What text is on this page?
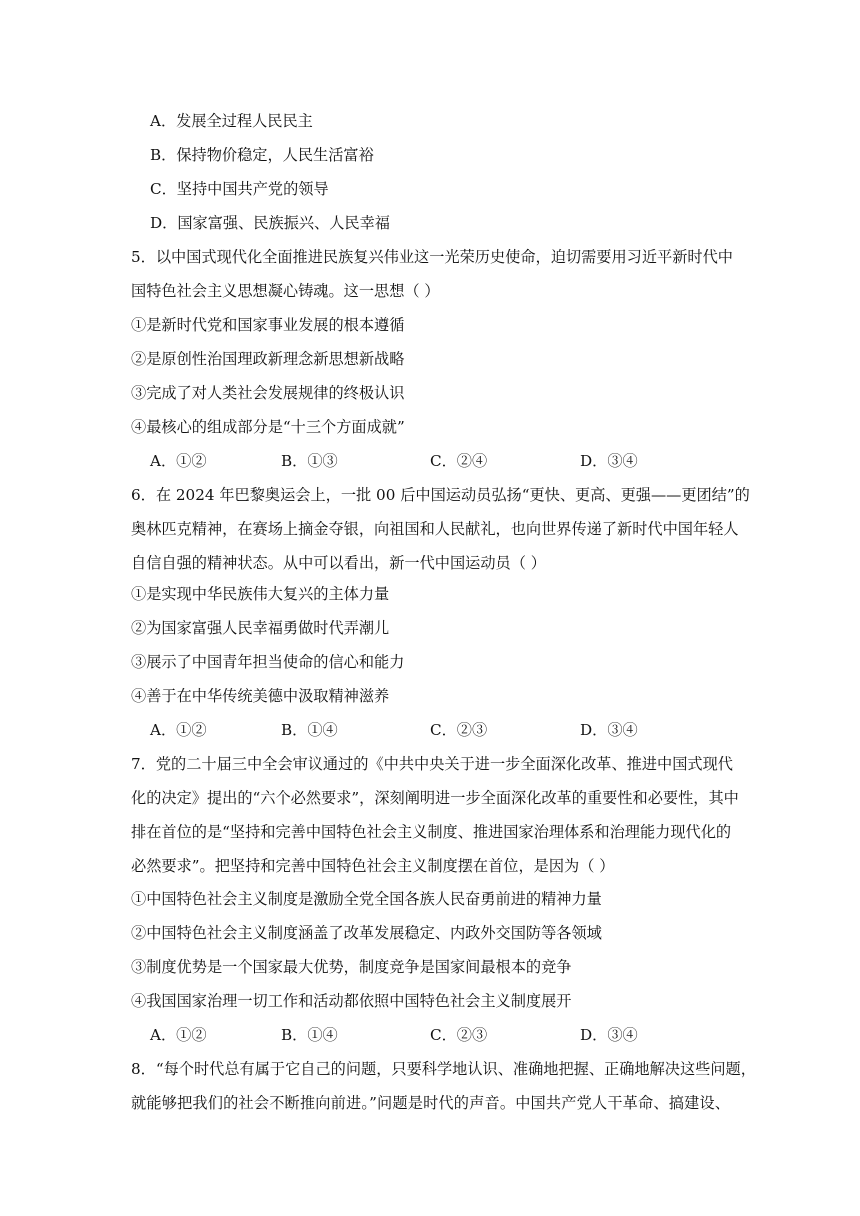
A．发展全过程人民民主
B．保持物价稳定，人民生活富裕
C．坚持中国共产党的领导
D．国家富强、民族振兴、人民幸福
5．以中国式现代化全面推进民族复兴伟业这一光荣历史使命，迫切需要用习近平新时代中
国特色社会主义思想凝心铸魂。这一思想（ ）
①是新时代党和国家事业发展的根本遵循
②是原创性治国理政新理念新思想新战略
③完成了对人类社会发展规律的终极认识
④最核心的组成部分是“十三个方面成就”
A．①②	B．①③	C．②④	D．③④
6．在 2024 年巴黎奥运会上，一批 00 后中国运动员弘扬“更快、更高、更强——更团结”的
奥林匹克精神，在赛场上摘金夺银，向祖国和人民献礼，也向世界传递了新时代中国年轻人
自信自强的精神状态。从中可以看出，新一代中国运动员（ ）
①是实现中华民族伟大复兴的主体力量
②为国家富强人民幸福勇做时代弄潮儿
③展示了中国青年担当使命的信心和能力
④善于在中华传统美德中汲取精神滋养
A．①②	B．①④	C．②③	D．③④
7．党的二十届三中全会审议通过的《中共中央关于进一步全面深化改革、推进中国式现代
化的决定》提出的“六个必然要求”，深刻阐明进一步全面深化改革的重要性和必要性，其中
排在首位的是“坚持和完善中国特色社会主义制度、推进国家治理体系和治理能力现代化的
必然要求”。把坚持和完善中国特色社会主义制度摆在首位，是因为（ ）
①中国特色社会主义制度是激励全党全国各族人民奋勇前进的精神力量
②中国特色社会主义制度涵盖了改革发展稳定、内政外交国防等各领域
③制度优势是一个国家最大优势，制度竞争是国家间最根本的竞争
④我国国家治理一切工作和活动都依照中国特色社会主义制度展开
A．①②	B．①④	C．②③	D．③④
8．“每个时代总有属于它自己的问题，只要科学地认识、准确地把握、正确地解决这些问题，
就能够把我们的社会不断推向前进。”问题是时代的声音。中国共产党人干革命、搞建设、
